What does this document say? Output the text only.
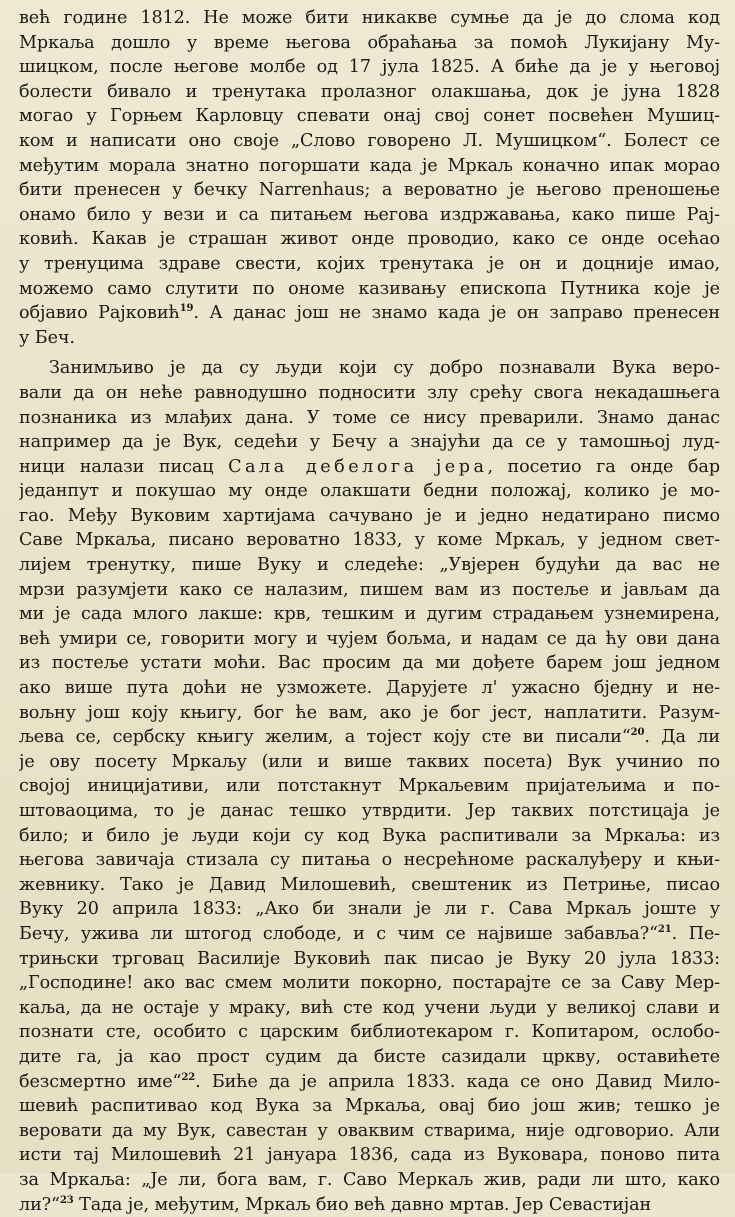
већ године 1812. Не може бити никакве сумње да је до слома код
Мркаља дошло у време његова обраћања за помоћ Лукијану Му-
шицком, после његове молбе од 17 јула 1825. А биће да је у његовој
болести бивало и тренутака пролазног олакшања, док је јуна 1828
могао у Горњем Карловцу спевати онај свој сонет посвећен Мушиц-
ком и написати оно своје „Слово говорено Л. Мушицком“. Болест се
међутим морала знатно погоршати када је Мркаљ коначно ипак морао
бити пренесен у бечку Narrenhaus; а вероватно је његово преношење
онамо било у вези и са питањем његова издржавања, како пише Рај-
ковић. Какав је страшан живот онде проводио, како се онде осећао
у тренуцима здраве свести, којих тренутака је он и доцније имао,
можемо само слутити по ономе казивању епископа Путника које је
објавио Рајковић$^{19}$. А данас још не знамо када је он заправо пренесен
у Беч.

Занимљиво је да су људи који су добро познавали Вука веро-
вали да он неће равнодушно подносити злу срећу свога некадашњега
познаника из млађих дана. У томе се нису преварили. Знамо данас
например да је Вук, седећи у Бечу а знајући да се у тамошњој луд-
ници налази писац Сала дебелога јера, посетио га онде бар
једанпут и покушао му онде олакшати бедни положај, колико је мо-
гао. Међу Вуковим хартијама сачувано је и једно недатирано писмо
Саве Мркаља, писано вероватно 1833, у коме Мркаљ, у једном свет-
лијем тренутку, пише Вуку и следеће: „Увјерен будући да вас не
мрзи разумјети како се налазим, пишем вам из постеље и јављам да
ми је сада млого лакше: крв, тешким и дугим страдањем узнемирена,
већ умири се, говорити могу и чујем бољма, и надам се да ћу ови дана
из постеље устати моћи. Вас просим да ми дођете барем још једном
ако више пута доћи не узможете. Дарујете л' ужасно бједну и не-
вољну још коју књигу, бог ће вам, ако је бог јест, наплатити. Разум-
љева се, сербску књигу желим, а тојест коју сте ви писали“$^{20}$. Да ли
је ову посету Мркаљу (или и више таквих посета) Вук учинио по
својој иницијативи, или потстакнут Мркаљевим пријатељима и по-
штоваоцима, то је данас тешко утврдити. Јер таквих потстицаја је
било; и било је људи који су код Вука распитивали за Мркаља: из
његова завичаја стизала су питања о несрећноме раскалуђеру и књи-
жевнику. Тако је Давид Милошевић, свештеник из Петриње, писао
Вуку 20 априла 1833: „Ако би знали је ли г. Сава Мркаљ јоште у
Бечу, ужива ли штогод слободе, и с чим се највише забавља?“$^{21}$. Пе-
трињски трговац Василије Вуковић пак писао је Вуку 20 јула 1833:
„Господине! ако вас смем молити покорно, постарајте се за Саву Мер-
каља, да не остаје у мраку, вић сте код учени људи у великој слави и
познати сте, особито с царским библиотекаром г. Копитаром, ослобо-
дите га, ја као прост судим да бисте сазидали цркву, оставићете
безсмертно име“$^{22}$. Биће да је априла 1833. када се оно Давид Мило-
шевић распитивао код Вука за Мркаља, овај био још жив; тешко је
веровати да му Вук, савестан у оваквим стварима, није одговорио. Али
исти тај Милошевић 21 јануара 1836, сада из Вуковара, поново пита
за Мркаља: „Је ли, бога вам, г. Саво Меркаљ жив, ради ли што, како
ли?“$^{23}$ Тада је, међутим, Мркаљ био већ давно мртав. Јер Севастијан
